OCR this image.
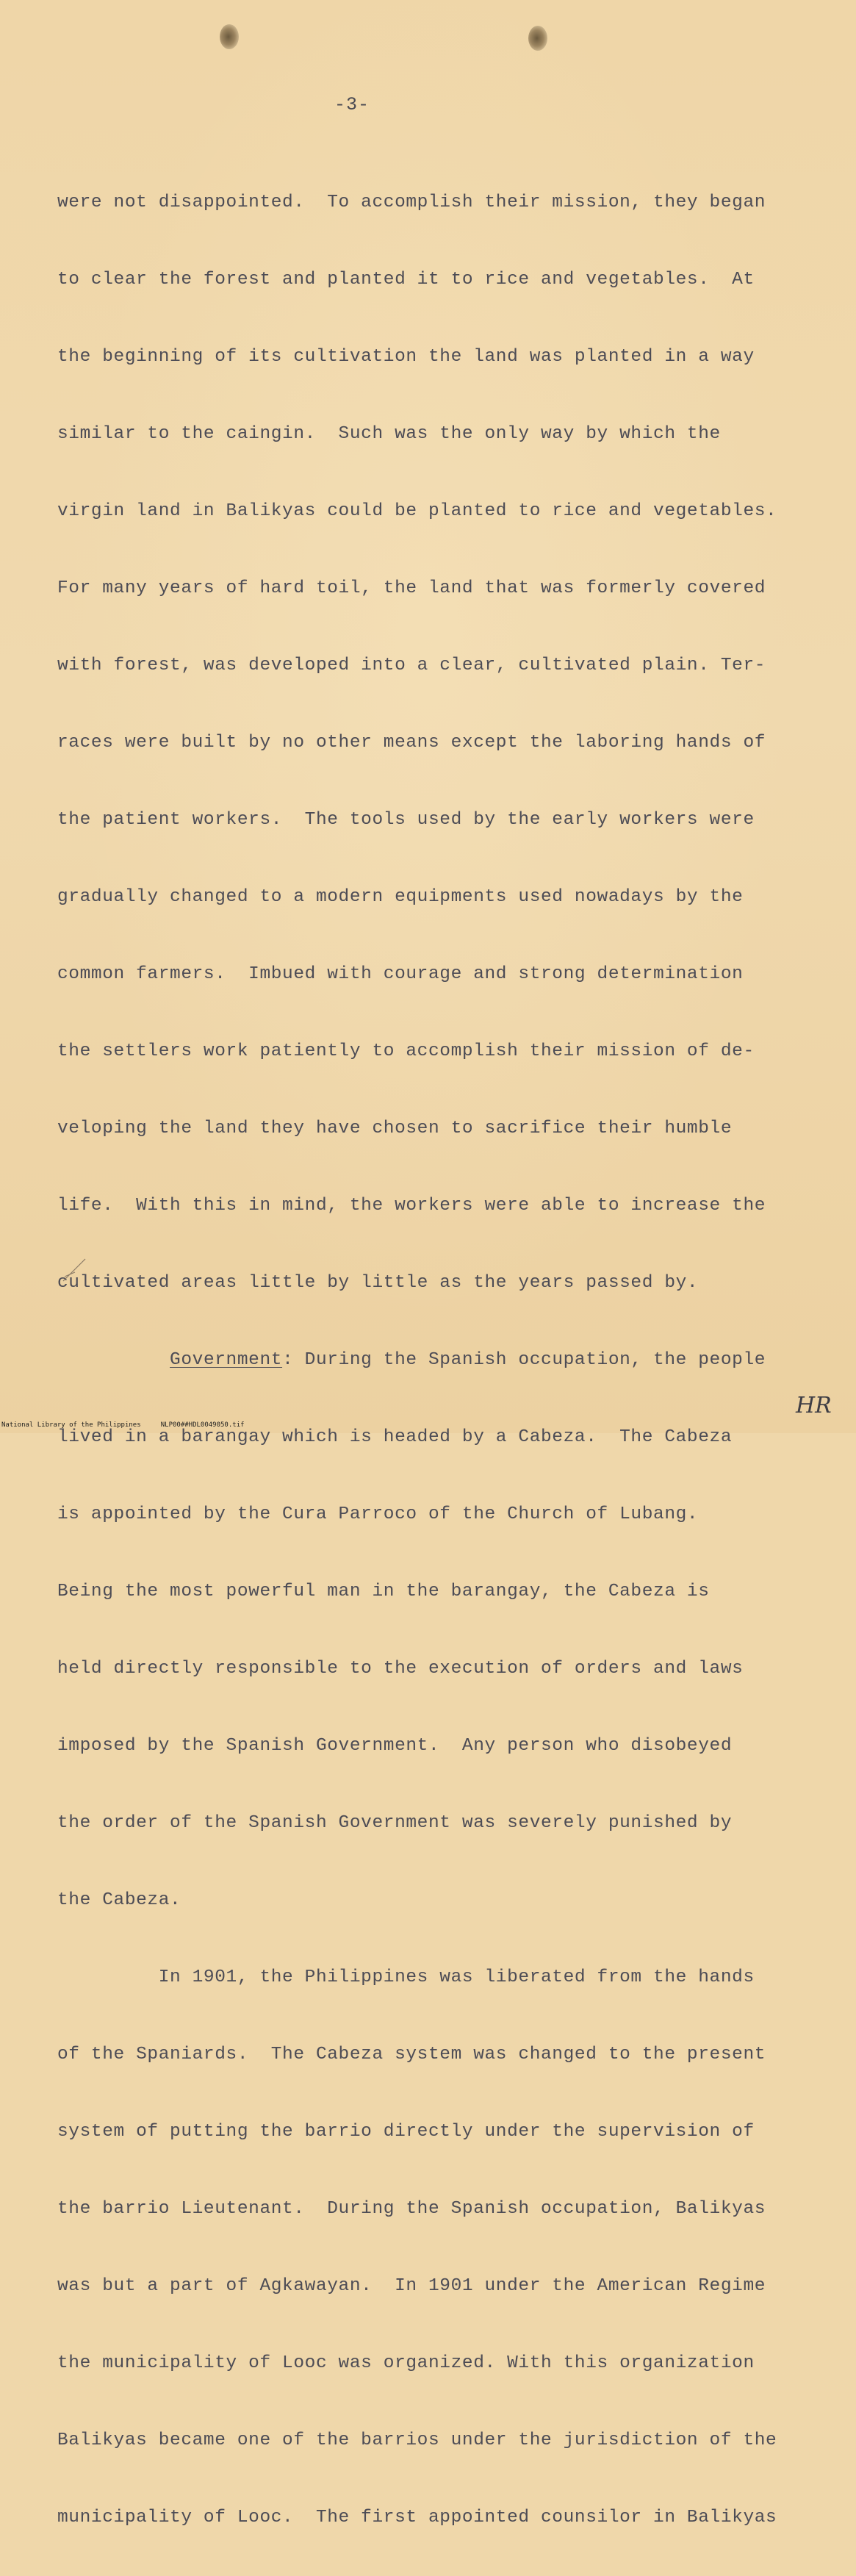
-3-

were not disappointed.  To accomplish their mission, they began

to clear the forest and planted it to rice and vegetables.  At

the beginning of its cultivation the land was planted in a way

similar to the caingin.  Such was the only way by which the

virgin land in Balikyas could be planted to rice and vegetables.

For many years of hard toil, the land that was formerly covered

with forest, was developed into a clear, cultivated plain. Ter-

races were built by no other means except the laboring hands of

the patient workers.  The tools used by the early workers were

gradually changed to a modern equipments used nowadays by the

common farmers.  Imbued with courage and strong determination

the settlers work patiently to accomplish their mission of de-

veloping the land they have chosen to sacrifice their humble

life.  With this in mind, the workers were able to increase the

cultivated areas little by little as the years passed by.

Government: During the Spanish occupation, the people

lived in a barangay which is headed by a Cabeza.  The Cabeza

is appointed by the Cura Parroco of the Church of Lubang.

Being the most powerful man in the barangay, the Cabeza is

held directly responsible to the execution of orders and laws

imposed by the Spanish Government.  Any person who disobeyed

the order of the Spanish Government was severely punished by

the Cabeza.

In 1901, the Philippines was liberated from the hands

of the Spaniards.  The Cabeza system was changed to the present

system of putting the barrio directly under the supervision of

the barrio Lieutenant.  During the Spanish occupation, Balikyas

was but a part of Agkawayan.  In 1901 under the American Regime

the municipality of Looc was organized. With this organization

Balikyas became one of the barrios under the jurisdiction of the

municipality of Looc.  The first appointed counsilor in Balikyas

HR
National Library of the Philippines     NLP00##HDL0049050.tif
